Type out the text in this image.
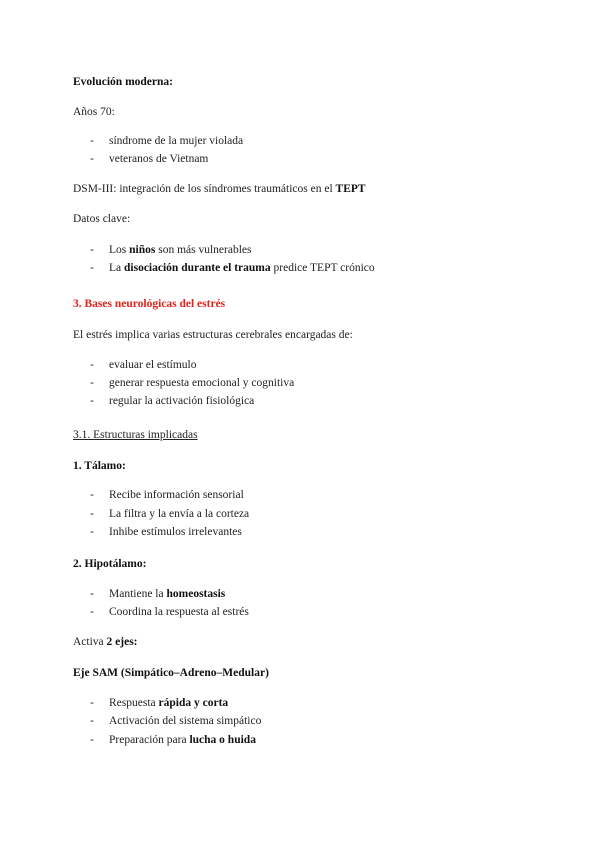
Evolución moderna:
Años 70:
- síndrome de la mujer violada
- veteranos de Vietnam
DSM-III: integración de los síndromes traumáticos en el TEPT
Datos clave:
- Los niños son más vulnerables
- La disociación durante el trauma predice TEPT crónico
3. Bases neurológicas del estrés
El estrés implica varias estructuras cerebrales encargadas de:
- evaluar el estímulo
- generar respuesta emocional y cognitiva
- regular la activación fisiológica
3.1. Estructuras implicadas
1. Tálamo:
- Recibe información sensorial
- La filtra y la envía a la corteza
- Inhibe estímulos irrelevantes
2. Hipotálamo:
- Mantiene la homeostasis
- Coordina la respuesta al estrés
Activa 2 ejes:
Eje SAM (Simpático–Adreno–Medular)
- Respuesta rápida y corta
- Activación del sistema simpático
- Preparación para lucha o huida
